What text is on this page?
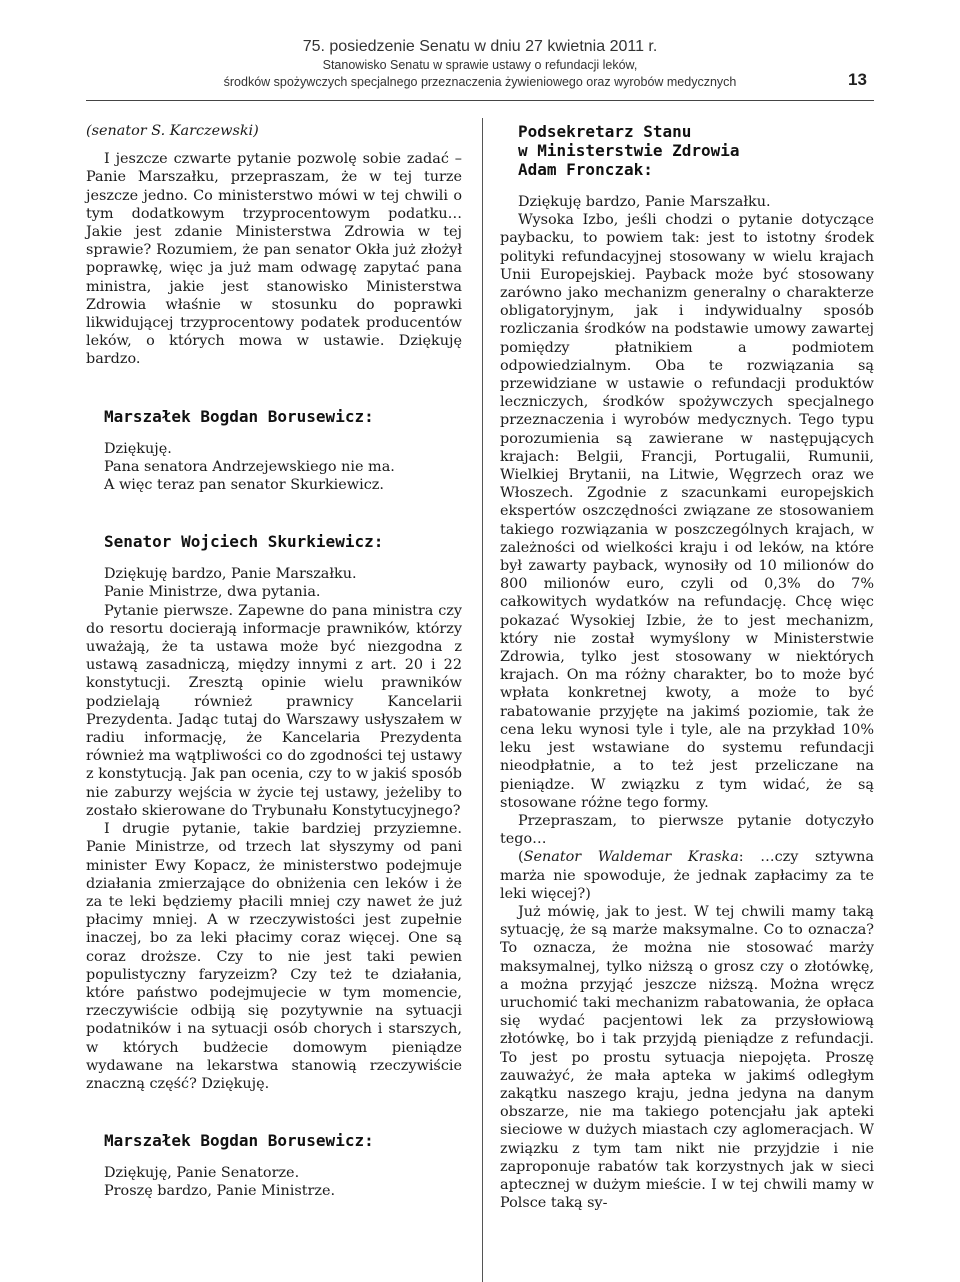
75. posiedzenie Senatu w dniu 27 kwietnia 2011 r.
Stanowisko Senatu w sprawie ustawy o refundacji leków,
środków spożywczych specjalnego przeznaczenia żywieniowego oraz wyrobów medycznych	13

(senator S. Karczewski)

I jeszcze czwarte pytanie pozwolę sobie zadać – Panie Marszałku, przepraszam, że w tej turze jeszcze jedno. Co ministerstwo mówi w tej chwili o tym dodatkowym trzyprocentowym podatku… Jakie jest zdanie Ministerstwa Zdrowia w tej sprawie? Rozumiem, że pan senator Okła już złożył poprawkę, więc ja już mam odwagę zapytać pana ministra, jakie jest stanowisko Ministerstwa Zdrowia właśnie w stosunku do poprawki likwidującej trzyprocentowy podatek producentów leków, o których mowa w ustawie. Dziękuję bardzo.

Marszałek Bogdan Borusewicz:

Dziękuję.

Pana senatora Andrzejewskiego nie ma.

A więc teraz pan senator Skurkiewicz.

Senator Wojciech Skurkiewicz:

Dziękuję bardzo, Panie Marszałku.

Panie Ministrze, dwa pytania.

Pytanie pierwsze. Zapewne do pana ministra czy do resortu docierają informacje prawników, którzy uważają, że ta ustawa może być niezgodna z ustawą zasadniczą, między innymi z art. 20 i 22 konstytucji. Zresztą opinie wielu prawników podzielają również prawnicy Kancelarii Prezydenta. Jadąc tutaj do Warszawy usłyszałem w radiu informację, że Kancelaria Prezydenta również ma wątpliwości co do zgodności tej ustawy z konstytucją. Jak pan ocenia, czy to w jakiś sposób nie zaburzy wejścia w życie tej ustawy, jeżeliby to zostało skierowane do Trybunału Konstytucyjnego?

I drugie pytanie, takie bardziej przyziemne. Panie Ministrze, od trzech lat słyszymy od pani minister Ewy Kopacz, że ministerstwo podejmuje działania zmierzające do obniżenia cen leków i że za te leki będziemy płacili mniej czy nawet że już płacimy mniej. A w rzeczywistości jest zupełnie inaczej, bo za leki płacimy coraz więcej. One są coraz droższe. Czy to nie jest taki pewien populistyczny faryzeizm? Czy też te działania, które państwo podejmujecie w tym momencie, rzeczywiście odbiją się pozytywnie na sytuacji podatników i na sytuacji osób chorych i starszych, w których budżecie domowym pieniądze wydawane na lekarstwa stanowią rzeczywiście znaczną część? Dziękuję.

Marszałek Bogdan Borusewicz:

Dziękuję, Panie Senatorze.

Proszę bardzo, Panie Ministrze.

Podsekretarz Stanu

w Ministerstwie Zdrowia

Adam Fronczak:

Dziękuję bardzo, Panie Marszałku.

Wysoka Izbo, jeśli chodzi o pytanie dotyczące paybacku, to powiem tak: jest to istotny środek polityki refundacyjnej stosowany w wielu krajach Unii Europejskiej. Payback może być stosowany zarówno jako mechanizm generalny o charakterze obligatoryjnym, jak i indywidualny sposób rozliczania środków na podstawie umowy zawartej pomiędzy płatnikiem a podmiotem odpowiedzialnym. Oba te rozwiązania są przewidziane w ustawie o refundacji produktów leczniczych, środków spożywczych specjalnego przeznaczenia i wyrobów medycznych. Tego typu porozumienia są zawierane w następujących krajach: Belgii, Francji, Portugalii, Rumunii, Wielkiej Brytanii, na Litwie, Węgrzech oraz we Włoszech. Zgodnie z szacunkami europejskich ekspertów oszczędności związane ze stosowaniem takiego rozwiązania w poszczególnych krajach, w zależności od wielkości kraju i od leków, na które był zawarty payback, wynosiły od 10 milionów do 800 milionów euro, czyli od 0,3% do 7% całkowitych wydatków na refundację. Chcę więc pokazać Wysokiej Izbie, że to jest mechanizm, który nie został wymyślony w Ministerstwie Zdrowia, tylko jest stosowany w niektórych krajach. On ma różny charakter, bo to może być wpłata konkretnej kwoty, a może to być rabatowanie przyjęte na jakimś poziomie, tak że cena leku wynosi tyle i tyle, ale na przykład 10% leku jest wstawiane do systemu refundacji nieodpłatnie, a to też jest przeliczane na pieniądze. W związku z tym widać, że są stosowane różne tego formy.

Przepraszam, to pierwsze pytanie dotyczyło tego…

(Senator Waldemar Kraska: …czy sztywna marża nie spowoduje, że jednak zapłacimy za te leki więcej?)

Już mówię, jak to jest. W tej chwili mamy taką sytuację, że są marże maksymalne. Co to oznacza? To oznacza, że można nie stosować marży maksymalnej, tylko niższą o grosz czy o złotówkę, a można przyjąć jeszcze niższą. Można wręcz uruchomić taki mechanizm rabatowania, że opłaca się wydać pacjentowi lek za przysłowiową złotówkę, bo i tak przyjdą pieniądze z refundacji. To jest po prostu sytuacja niepojęta. Proszę zauważyć, że mała apteka w jakimś odległym zakątku naszego kraju, jedna jedyna na danym obszarze, nie ma takiego potencjału jak apteki sieciowe w dużych miastach czy aglomeracjach. W związku z tym tam nikt nie przyjdzie i nie zaproponuje rabatów tak korzystnych jak w sieci aptecznej w dużym mieście. I w tej chwili mamy w Polsce taką sy-
